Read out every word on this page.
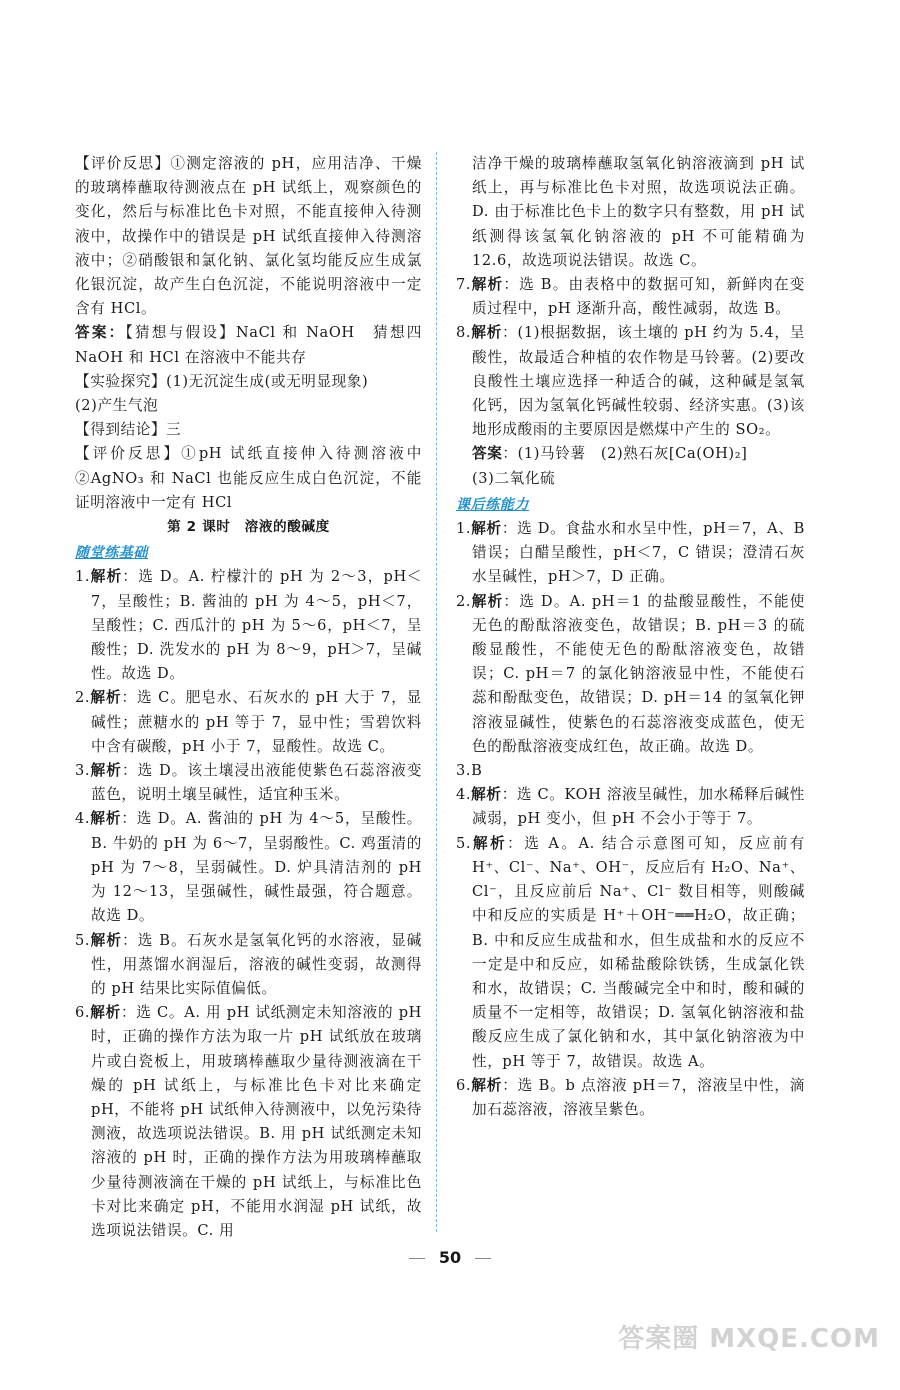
【评价反思】①测定溶液的 pH，应用洁净、干燥的玻璃棒蘸取待测液点在 pH 试纸上，观察颜色的变化，然后与标准比色卡对照，不能直接伸入待测液中，故操作中的错误是 pH 试纸直接伸入待测溶液中；②硝酸银和氯化钠、氯化氢均能反应生成氯化银沉淀，故产生白色沉淀，不能说明溶液中一定含有 HCl。

答案：【猜想与假设】NaCl 和 NaOH　猜想四 NaOH 和 HCl 在溶液中不能共存

【实验探究】(1)无沉淀生成(或无明显现象)

(2)产生气泡

【得到结论】三

【评价反思】①pH 试纸直接伸入待测溶液中 ②AgNO₃ 和 NaCl 也能反应生成白色沉淀，不能证明溶液中一定有 HCl

第 2 课时　溶液的酸碱度

随堂练基础

1.解析：选 D。A. 柠檬汁的 pH 为 2～3，pH＜7，呈酸性；B. 酱油的 pH 为 4～5，pH＜7，呈酸性；C. 西瓜汁的 pH 为 5～6，pH＜7，呈酸性；D. 洗发水的 pH 为 8～9，pH＞7，呈碱性。故选 D。

2.解析：选 C。肥皂水、石灰水的 pH 大于 7，显碱性；蔗糖水的 pH 等于 7，显中性；雪碧饮料中含有碳酸，pH 小于 7，显酸性。故选 C。

3.解析：选 D。该土壤浸出液能使紫色石蕊溶液变蓝色，说明土壤呈碱性，适宜种玉米。

4.解析：选 D。A. 酱油的 pH 为 4～5，呈酸性。B. 牛奶的 pH 为 6～7，呈弱酸性。C. 鸡蛋清的 pH 为 7～8，呈弱碱性。D. 炉具清洁剂的 pH 为 12～13，呈强碱性，碱性最强，符合题意。故选 D。

5.解析：选 B。石灰水是氢氧化钙的水溶液，显碱性，用蒸馏水润湿后，溶液的碱性变弱，故测得的 pH 结果比实际值偏低。

6.解析：选 C。A. 用 pH 试纸测定未知溶液的 pH 时，正确的操作方法为取一片 pH 试纸放在玻璃片或白瓷板上，用玻璃棒蘸取少量待测液滴在干燥的 pH 试纸上，与标准比色卡对比来确定 pH，不能将 pH 试纸伸入待测液中，以免污染待测液，故选项说法错误。B. 用 pH 试纸测定未知溶液的 pH 时，正确的操作方法为用玻璃棒蘸取少量待测液滴在干燥的 pH 试纸上，与标准比色卡对比来确定 pH，不能用水润湿 pH 试纸，故选项说法错误。C. 用

洁净干燥的玻璃棒蘸取氢氧化钠溶液滴到 pH 试纸上，再与标准比色卡对照，故选项说法正确。D. 由于标准比色卡上的数字只有整数，用 pH 试纸测得该氢氧化钠溶液的 pH 不可能精确为 12.6，故选项说法错误。故选 C。

7.解析：选 B。由表格中的数据可知，新鲜肉在变质过程中，pH 逐渐升高，酸性减弱，故选 B。

8.解析：(1)根据数据，该土壤的 pH 约为 5.4，呈酸性，故最适合种植的农作物是马铃薯。(2)要改良酸性土壤应选择一种适合的碱，这种碱是氢氧化钙，因为氢氧化钙碱性较弱、经济实惠。(3)该地形成酸雨的主要原因是燃煤中产生的 SO₂。

答案：(1)马铃薯　(2)熟石灰[Ca(OH)₂]

(3)二氧化硫

课后练能力

1.解析：选 D。食盐水和水呈中性，pH＝7，A、B 错误；白醋呈酸性，pH＜7，C 错误；澄清石灰水呈碱性，pH＞7，D 正确。

2.解析：选 D。A. pH＝1 的盐酸显酸性，不能使无色的酚酞溶液变色，故错误；B. pH＝3 的硫酸显酸性，不能使无色的酚酞溶液变色，故错误；C. pH＝7 的氯化钠溶液显中性，不能使石蕊和酚酞变色，故错误；D. pH＝14 的氢氧化钾溶液显碱性，使紫色的石蕊溶液变成蓝色，使无色的酚酞溶液变成红色，故正确。故选 D。

3.B

4.解析：选 C。KOH 溶液呈碱性，加水稀释后碱性减弱，pH 变小，但 pH 不会小于等于 7。

5.解析：选 A。A. 结合示意图可知，反应前有 H⁺、Cl⁻、Na⁺、OH⁻，反应后有 H₂O、Na⁺、Cl⁻，且反应前后 Na⁺、Cl⁻ 数目相等，则酸碱中和反应的实质是 H⁺＋OH⁻══H₂O，故正确；B. 中和反应生成盐和水，但生成盐和水的反应不一定是中和反应，如稀盐酸除铁锈，生成氯化铁和水，故错误；C. 当酸碱完全中和时，酸和碱的质量不一定相等，故错误；D. 氢氧化钠溶液和盐酸反应生成了氯化钠和水，其中氯化钠溶液为中性，pH 等于 7，故错误。故选 A。

6.解析：选 B。b 点溶液 pH＝7，溶液呈中性，滴加石蕊溶液，溶液呈紫色。

50
答案圈 MXQE.COM
